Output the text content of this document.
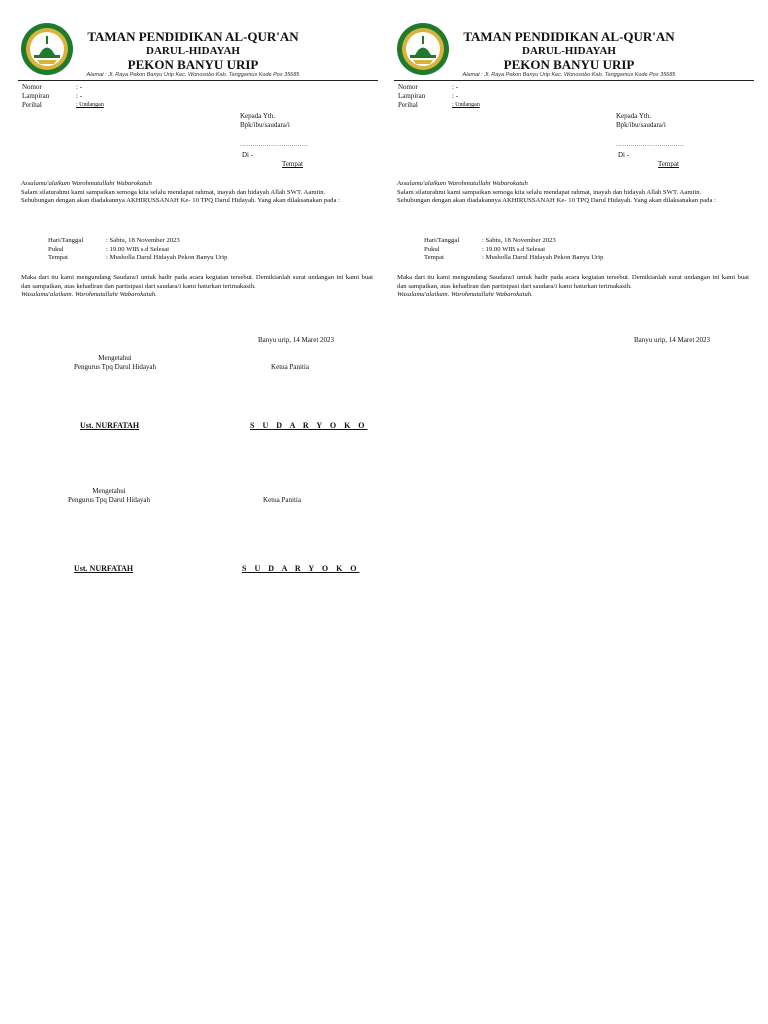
TAMAN PENDIDIKAN AL-QUR'AN
DARUL-HIDAYAH
PEKON BANYU URIP
Alamat : Jl. Raya Pekon Banyu Urip Kec. Wonosobo Kab. Tanggamus Kode Pos 35685
Nomor	: -
Lampiran	: -
Perihal	: Undangan
Kepada Yth.
Bpk/ibu/saudara/i
……………………………
Di -
Tempat

Assalamu'alaikum Warohmatullahi Wabarokatuh

Salam silaturahmi kami sampaikan semoga kita selalu mendapat rahmat, inayah dan hidayah Allah SWT. Aamiin.

Sehubungan dengan akan diadakannya AKHIRUSSANAH Ke- 10 TPQ Darul Hidayah. Yang akan dilaksanakan pada :

Hari/Tanggal	: Sabtu, 18 November 2023
Pukul	: 19.00 WIB s.d Selesai
Tempat	: Musholla Darul Hidayah Pekon Banyu Urip

Maka dari itu kami mengundang Saudara/i untuk hadir pada acara kegiatan tersebut. Demikianlah surat undangan ini kami buat dan sampaikan, atas kehadiran dan partisipasi dari saudara/i kami haturkan terimakasih.

Wasalamu'alaikum. Warohmatullahi Wabarokatuh.

TAMAN PENDIDIKAN AL-QUR'AN
DARUL-HIDAYAH
PEKON BANYU URIP
Alamat : Jl. Raya Pekon Banyu Urip Kec. Wonosobo Kab. Tanggamus Kode Pos 35685
Nomor	: -
Lampiran	: -
Perihal	: Undangan
Kepada Yth.
Bpk/ibu/saudara/i
……………………………
Di -
Tempat

Assalamu'alaikum Warohmatullahi Wabarokatuh

Salam silaturahmi kami sampaikan semoga kita selalu mendapat rahmat, inayah dan hidayah Allah SWT. Aamiin.

Sehubungan dengan akan diadakannya AKHIRUSSANAH Ke- 10 TPQ Darul Hidayah. Yang akan dilaksanakan pada :

Hari/Tanggal	: Sabtu, 18 November 2023
Pukul	: 19.00 WIB s.d Selesai
Tempat	: Musholla Darul Hidayah Pekon Banyu Urip

Maka dari itu kami mengundang Saudara/i untuk hadir pada acara kegiatan tersebut. Demikianlah surat undangan ini kami buat dan sampaikan, atas kehadiran dan partisipasi dari saudara/i kami haturkan terimakasih.

Wasalamu'alaikum. Warohmatullahi Wabarokatuh.

Banyu urip, 14 Maret 2023	Banyu urip, 14 Maret 2023
Mengetahui
Pengurus Tpq Darul Hidayah	Ketua Panitia
Ust. NURFATAH	S U D A R Y O K O
Mengetahui
Pengurus Tpq Darul Hidayah	Ketua Panitia
Ust. NURFATAH	S U D A R Y O K O
